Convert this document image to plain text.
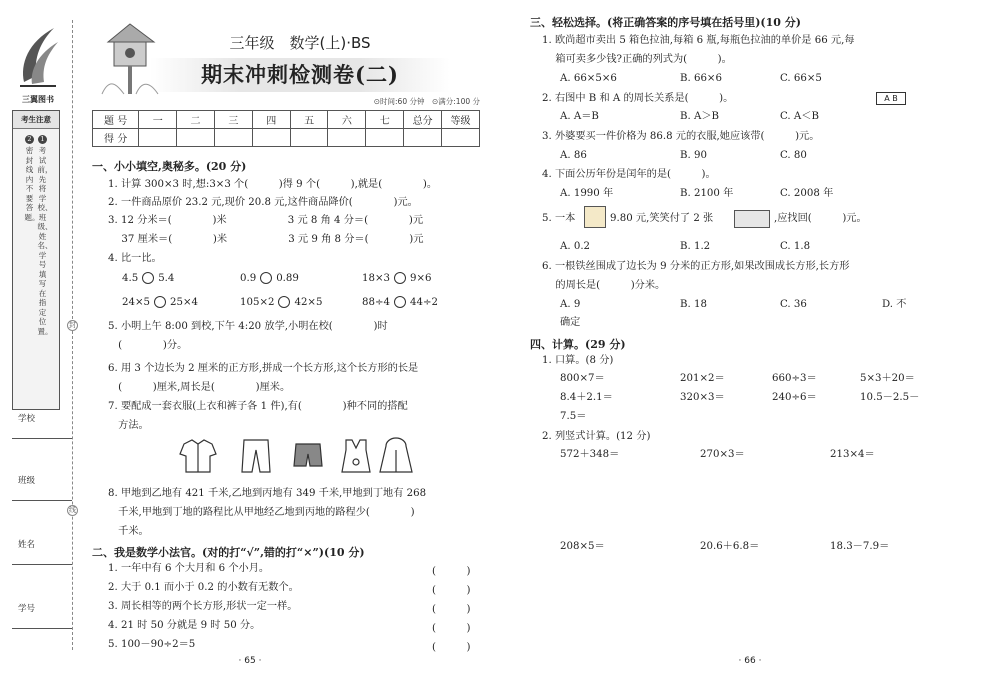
三翼图书
考生注意
1
考试前，先将学校、班级、姓名、学号填写在指定位置。
2
密封线内不要答题。
学校
班级
姓名
学号
封
线
三年级　数学(上)·BS
期末冲刺检测卷(二)
⊙时间:60 分钟　⊙满分:100 分
题 号	一	二	三	四	五	六	七	总分	等级
得 分									
一、小小填空,奥秘多。(20 分)
1. 计算 300×3 时,想:3×3 个(　　　)得 9 个(　　　),就是(　　　　)。
2. 一件商品原价 23.2 元,现价 20.8 元,这件商品降价(　　　　)元。
3. 12 分米＝(　　　　)米　　　　　　3 元 8 角 4 分＝(　　　　)元
　 37 厘米＝(　　　　)米　　　　　　3 元 9 角 8 分＝(　　　　)元
4. 比一比。
4.5 5.4	0.9 0.89	18×3 9×6
24×5 25×4	105×2 42×5	88÷4 44÷2
5. 小明上午 8:00 到校,下午 4:20 放学,小明在校(　　　　)时
　(　　　　)分。
6. 用 3 个边长为 2 厘米的正方形,拼成一个长方形,这个长方形的长是
　(　　　)厘米,周长是(　　　　)厘米。
7. 要配成一套衣服(上衣和裤子各 1 件),有(　　　　)种不同的搭配
　方法。
8. 甲地到乙地有 421 千米,乙地到丙地有 349 千米,甲地到丁地有 268
　千米,甲地到丁地的路程比从甲地经乙地到丙地的路程少(　　　　)
　千米。
二、我是数学小法官。(对的打“√”,错的打“×”)(10 分)
1. 一年中有 6 个大月和 6 个小月。	(　　　)
2. 大于 0.1 而小于 0.2 的小数有无数个。	(　　　)
3. 周长相等的两个长方形,形状一定一样。	(　　　)
4. 21 时 50 分就是 9 时 50 分。	(　　　)
5. 100－90÷2＝5	(　　　)
· 65 ·
三、轻松选择。(将正确答案的序号填在括号里)(10 分)
1. 欧尚超市卖出 5 箱色拉油,每箱 6 瓶,每瓶色拉油的单价是 66 元,每
　 箱可卖多少钱?正确的列式为(　　　)。
A. 66×5×6	B. 66×6	C. 66×5
2. 右图中 B 和 A 的周长关系是(　　　)。	A B
A. A＝B	B. A＞B	C. A＜B
3. 外婆要买一件价格为 86.8 元的衣服,她应该带(　　　)元。
A. 86	B. 90	C. 80
4. 下面公历年份是闰年的是(　　　)。
A. 1990 年	B. 2100 年	C. 2008 年
5. 一本	9.80 元,笑笑付了 2 张	,应找回(　　　)元。
A. 0.2	B. 1.2	C. 1.8
6. 一根铁丝围成了边长为 9 分米的正方形,如果改围成长方形,长方形
　 的周长是(　　　)分米。
A. 9	B. 18	C. 36	D. 不
确定
四、计算。(29 分)
1. 口算。(8 分)
800×7＝	201×2＝	660÷3＝	5×3＋20＝
8.4＋2.1＝	320×3＝	240÷6＝	10.5－2.5－
7.5＝
2. 列竖式计算。(12 分)
572＋348＝	270×3＝	213×4＝
208×5＝	20.6＋6.8＝	18.3－7.9＝
· 66 ·
